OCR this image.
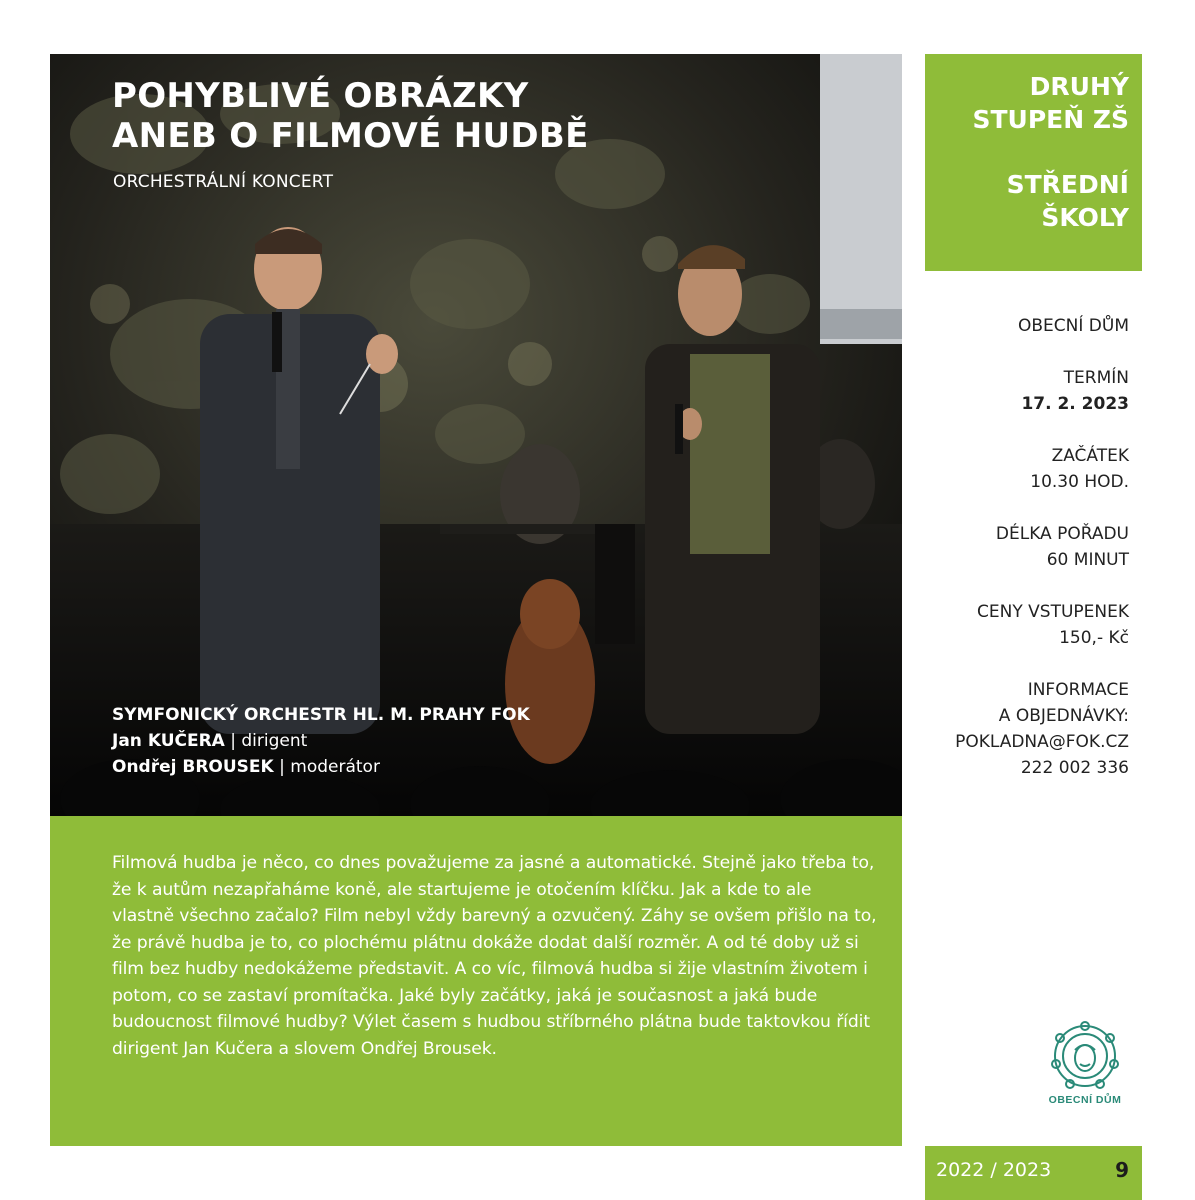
POHYBLIVÉ OBRÁZKY
ANEB O FILMOVÉ HUDBĚ

ORCHESTRÁLNÍ KONCERT

SYMFONICKÝ ORCHESTR HL. M. PRAHY FOK
Jan KUČERA | dirigent
Ondřej BROUSEK | moderátor

Filmová hudba je něco, co dnes považujeme za jasné a automatické. Stejně jako třeba to, že k autům nezapřaháme koně, ale startujeme je otočením klíčku. Jak a kde to ale vlastně všechno začalo? Film nebyl vždy barevný a ozvučený. Záhy se ovšem přišlo na to, že právě hudba je to, co plochému plátnu dokáže dodat další rozměr. A od té doby už si film bez hudby nedokážeme představit. A co víc, filmová hudba si žije vlastním životem i potom, co se zastaví promítačka. Jaké byly začátky, jaká je současnost a jaká bude budoucnost filmové hudby? Výlet časem s hudbou stříbrného plátna bude taktovkou řídit dirigent Jan Kučera a slovem Ondřej Brousek.

DRUHÝ
STUPEŇ ZŠ
STŘEDNÍ
ŠKOLY
OBECNÍ DŮM
TERMÍN
17. 2. 2023
ZAČÁTEK
10.30 HOD.
DÉLKA POŘADU
60 MINUT
CENY VSTUPENEK
150,- Kč
INFORMACE
A OBJEDNÁVKY:
POKLADNA@FOK.CZ
222 002 336
OBECNÍ DŮM
2022 / 2023	9
